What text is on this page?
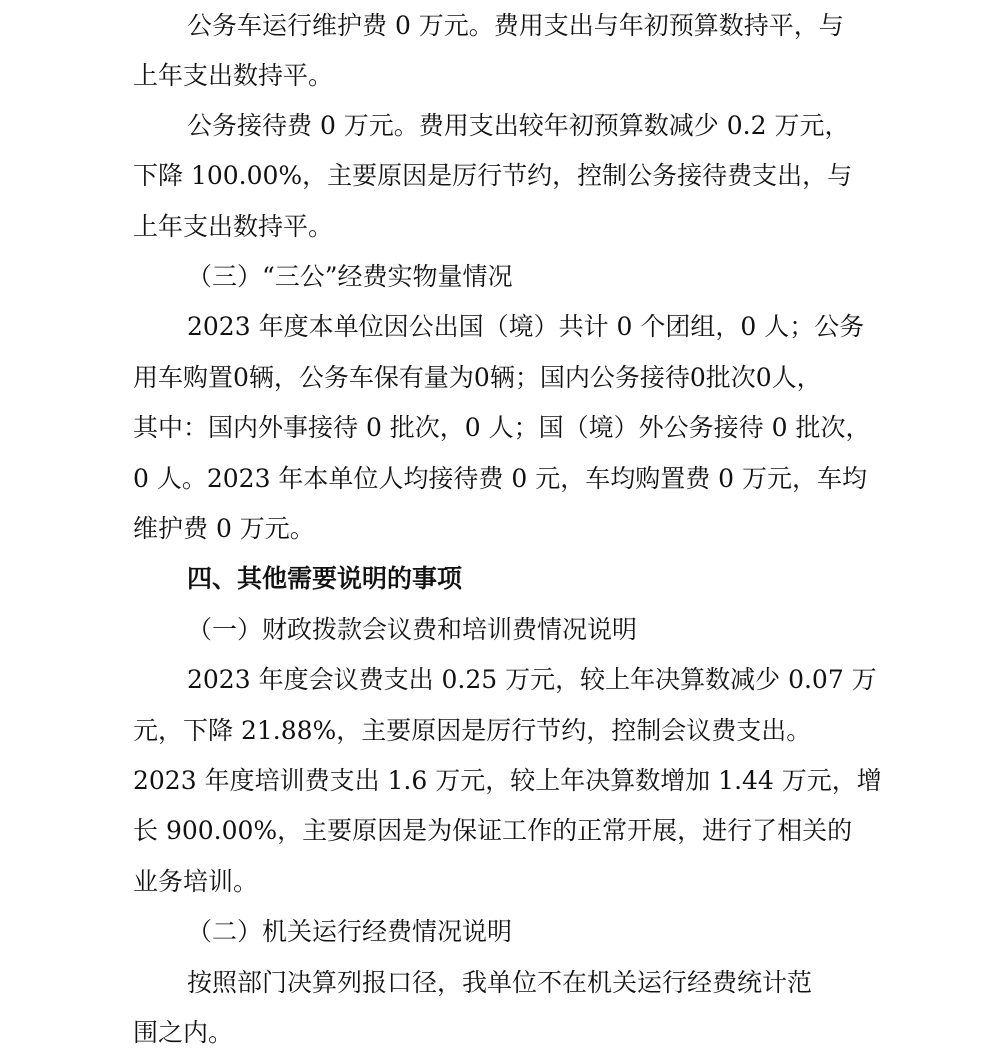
公务车运行维护费 0 万元。费用支出与年初预算数持平，与
上年支出数持平。
公务接待费 0 万元。费用支出较年初预算数减少 0.2 万元，
下降 100.00%，主要原因是厉行节约，控制公务接待费支出，与
上年支出数持平。
（三）“三公”经费实物量情况
2023 年度本单位因公出国（境）共计 0 个团组，0 人；公务
用车购置0辆，公务车保有量为0辆；国内公务接待0批次0人，
其中：国内外事接待 0 批次，0 人；国（境）外公务接待 0 批次，
0 人。2023 年本单位人均接待费 0 元，车均购置费 0 万元，车均
维护费 0 万元。
四、其他需要说明的事项
（一）财政拨款会议费和培训费情况说明
2023 年度会议费支出 0.25 万元，较上年决算数减少 0.07 万
元，下降 21.88%，主要原因是厉行节约，控制会议费支出。
2023 年度培训费支出 1.6 万元，较上年决算数增加 1.44 万元，增
长 900.00%，主要原因是为保证工作的正常开展，进行了相关的
业务培训。
（二）机关运行经费情况说明
按照部门决算列报口径，我单位不在机关运行经费统计范
围之内。
